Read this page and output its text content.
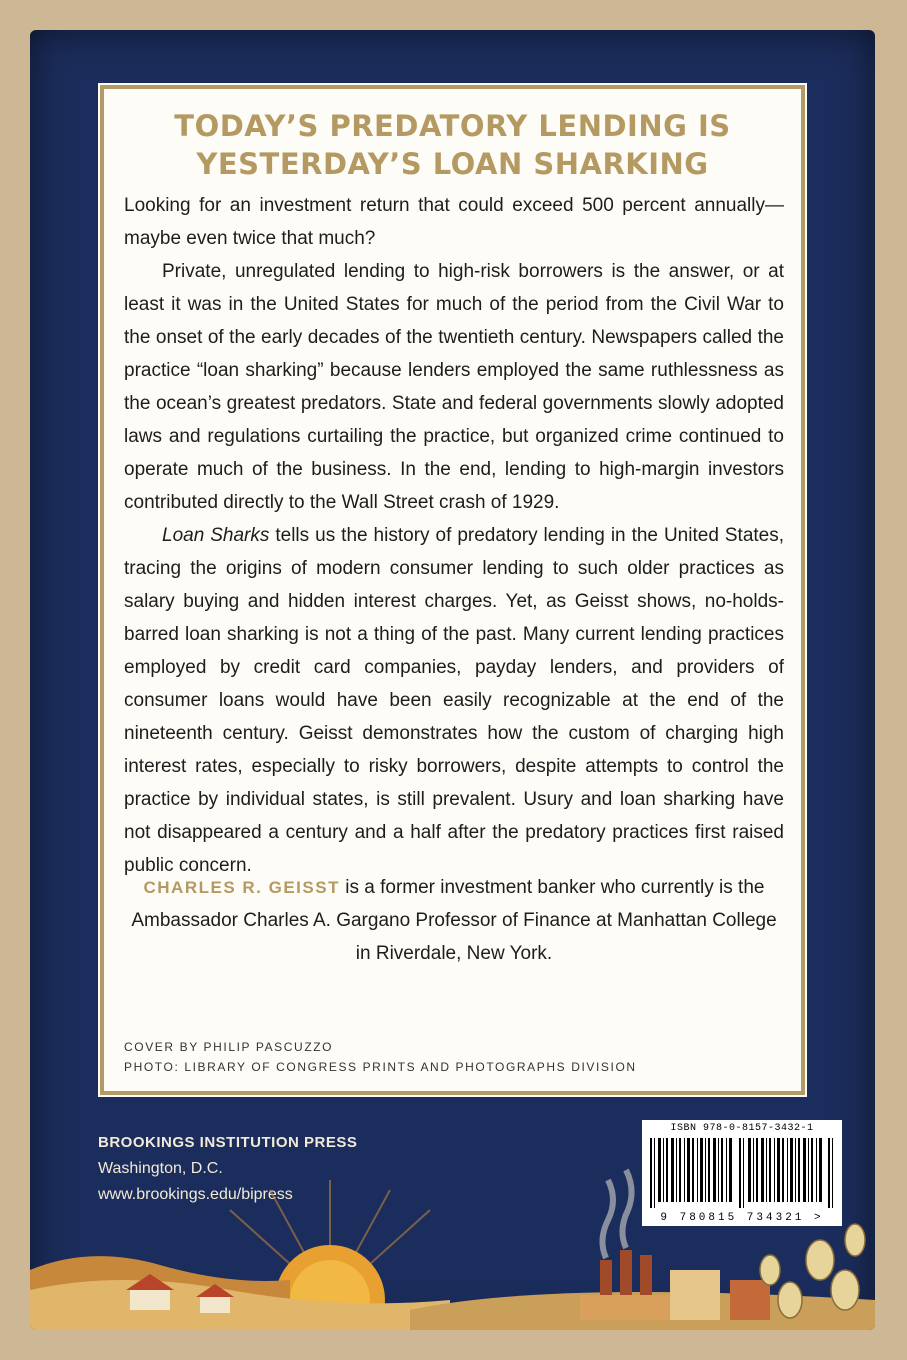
TODAY’S PREDATORY LENDING IS
YESTERDAY’S LOAN SHARKING

Looking for an investment return that could exceed 500 percent annually—maybe even twice that much?

Private, unregulated lending to high-risk borrowers is the answer, or at least it was in the United States for much of the period from the Civil War to the onset of the early decades of the twentieth century. Newspapers called the practice “loan sharking” because lenders employed the same ruthlessness as the ocean’s greatest predators. State and federal governments slowly adopted laws and regulations curtailing the practice, but organized crime continued to operate much of the business. In the end, lending to high-margin investors contributed directly to the Wall Street crash of 1929.

Loan Sharks tells us the history of predatory lending in the United States, tracing the origins of modern consumer lending to such older practices as salary buying and hidden interest charges. Yet, as Geisst shows, no-holds-barred loan sharking is not a thing of the past. Many current lending practices employed by credit card companies, payday lenders, and providers of consumer loans would have been easily recognizable at the end of the nineteenth century. Geisst demonstrates how the custom of charging high interest rates, especially to risky borrowers, despite attempts to control the practice by individual states, is still prevalent. Usury and loan sharking have not disappeared a century and a half after the predatory practices first raised public concern.

CHARLES R. GEISST is a former investment banker who currently is the Ambassador Charles A. Gargano Professor of Finance at Manhattan College in Riverdale, New York.
COVER BY PHILIP PASCUZZO
PHOTO: LIBRARY OF CONGRESS PRINTS AND PHOTOGRAPHS DIVISION
BROOKINGS INSTITUTION PRESS
Washington, D.C.
www.brookings.edu/bipress
ISBN 978-0-8157-3432-1
9 780815 734321 >
